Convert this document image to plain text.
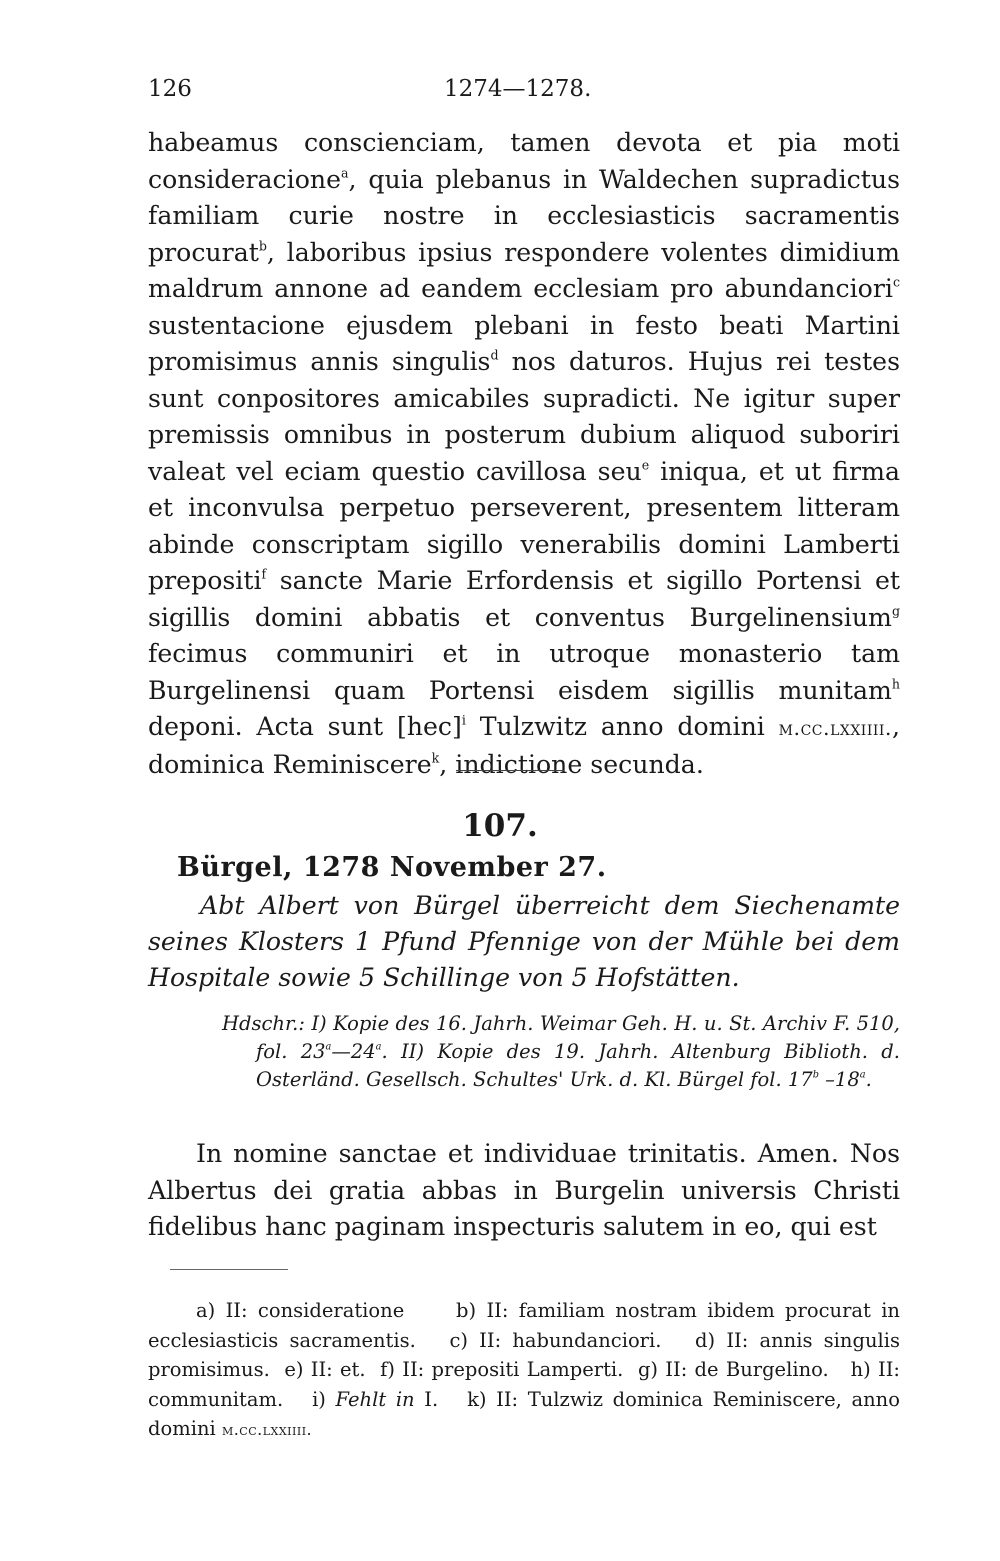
126	1274—1278.

habeamus conscienciam, tamen devota et pia moti consideracione$^a$, quia plebanus in Waldechen supradictus familiam curie nostre in ecclesiasticis sacramentis procurat$^b$, laboribus ipsius respondere volentes dimidium maldrum annone ad eandem ecclesiam pro abundanciori$^c$ sustentacione ejusdem plebani in festo beati Martini promisimus annis singulis$^d$ nos daturos. Hujus rei testes sunt conpositores amicabiles supradicti. Ne igitur super premissis omnibus in posterum dubium aliquod suboriri valeat vel eciam questio cavillosa seu$^e$ iniqua, et ut firma et inconvulsa perpetuo perseverent, presentem litteram abinde conscriptam sigillo venerabilis domini Lamberti prepositi$^f$ sancte Marie Erfordensis et sigillo Portensi et sigillis domini abbatis et conventus Burgelinensium$^g$ fecimus communiri et in utroque monasterio tam Burgelinensi quam Portensi eisdem sigillis munitam$^h$ deponi. Acta sunt [hec]$^i$ Tulzwitz anno domini m.cc.lxxiiii., dominica Reminiscere$^k$, indictione secunda.

107.
Bürgel, 1278 November 27.
Abt Albert von Bürgel überreicht dem Siechenamte seines Klosters 1 Pfund Pfennige von der Mühle bei dem Hospitale sowie 5 Schillinge von 5 Hofstätten.
Hdschr.: I) Kopie des 16. Jahrh. Weimar Geh. H. u. St. Archiv F. 510, fol. 23$^a$—24$^a$. II) Kopie des 19. Jahrh. Altenburg Biblioth. d. Osterländ. Gesellsch. Schultes' Urk. d. Kl. Bürgel fol. 17$^b$ –18$^a$.
In nomine sanctae et individuae trinitatis. Amen. Nos Albertus dei gratia abbas in Burgelin universis Christi fidelibus hanc paginam inspecturis salutem in eo, qui est
a) II: consideratione	b) II: familiam nostram ibidem procurat in ecclesiasticis sacramentis. c) II: habundanciori. d) II: annis singulis promisimus. e) II: et. f) II: prepositi Lamperti. g) II: de Burgelino. h) II: communitam. i) Fehlt in I. k) II: Tulzwiz dominica Reminiscere, anno domini m.cc.lxxiiii.
